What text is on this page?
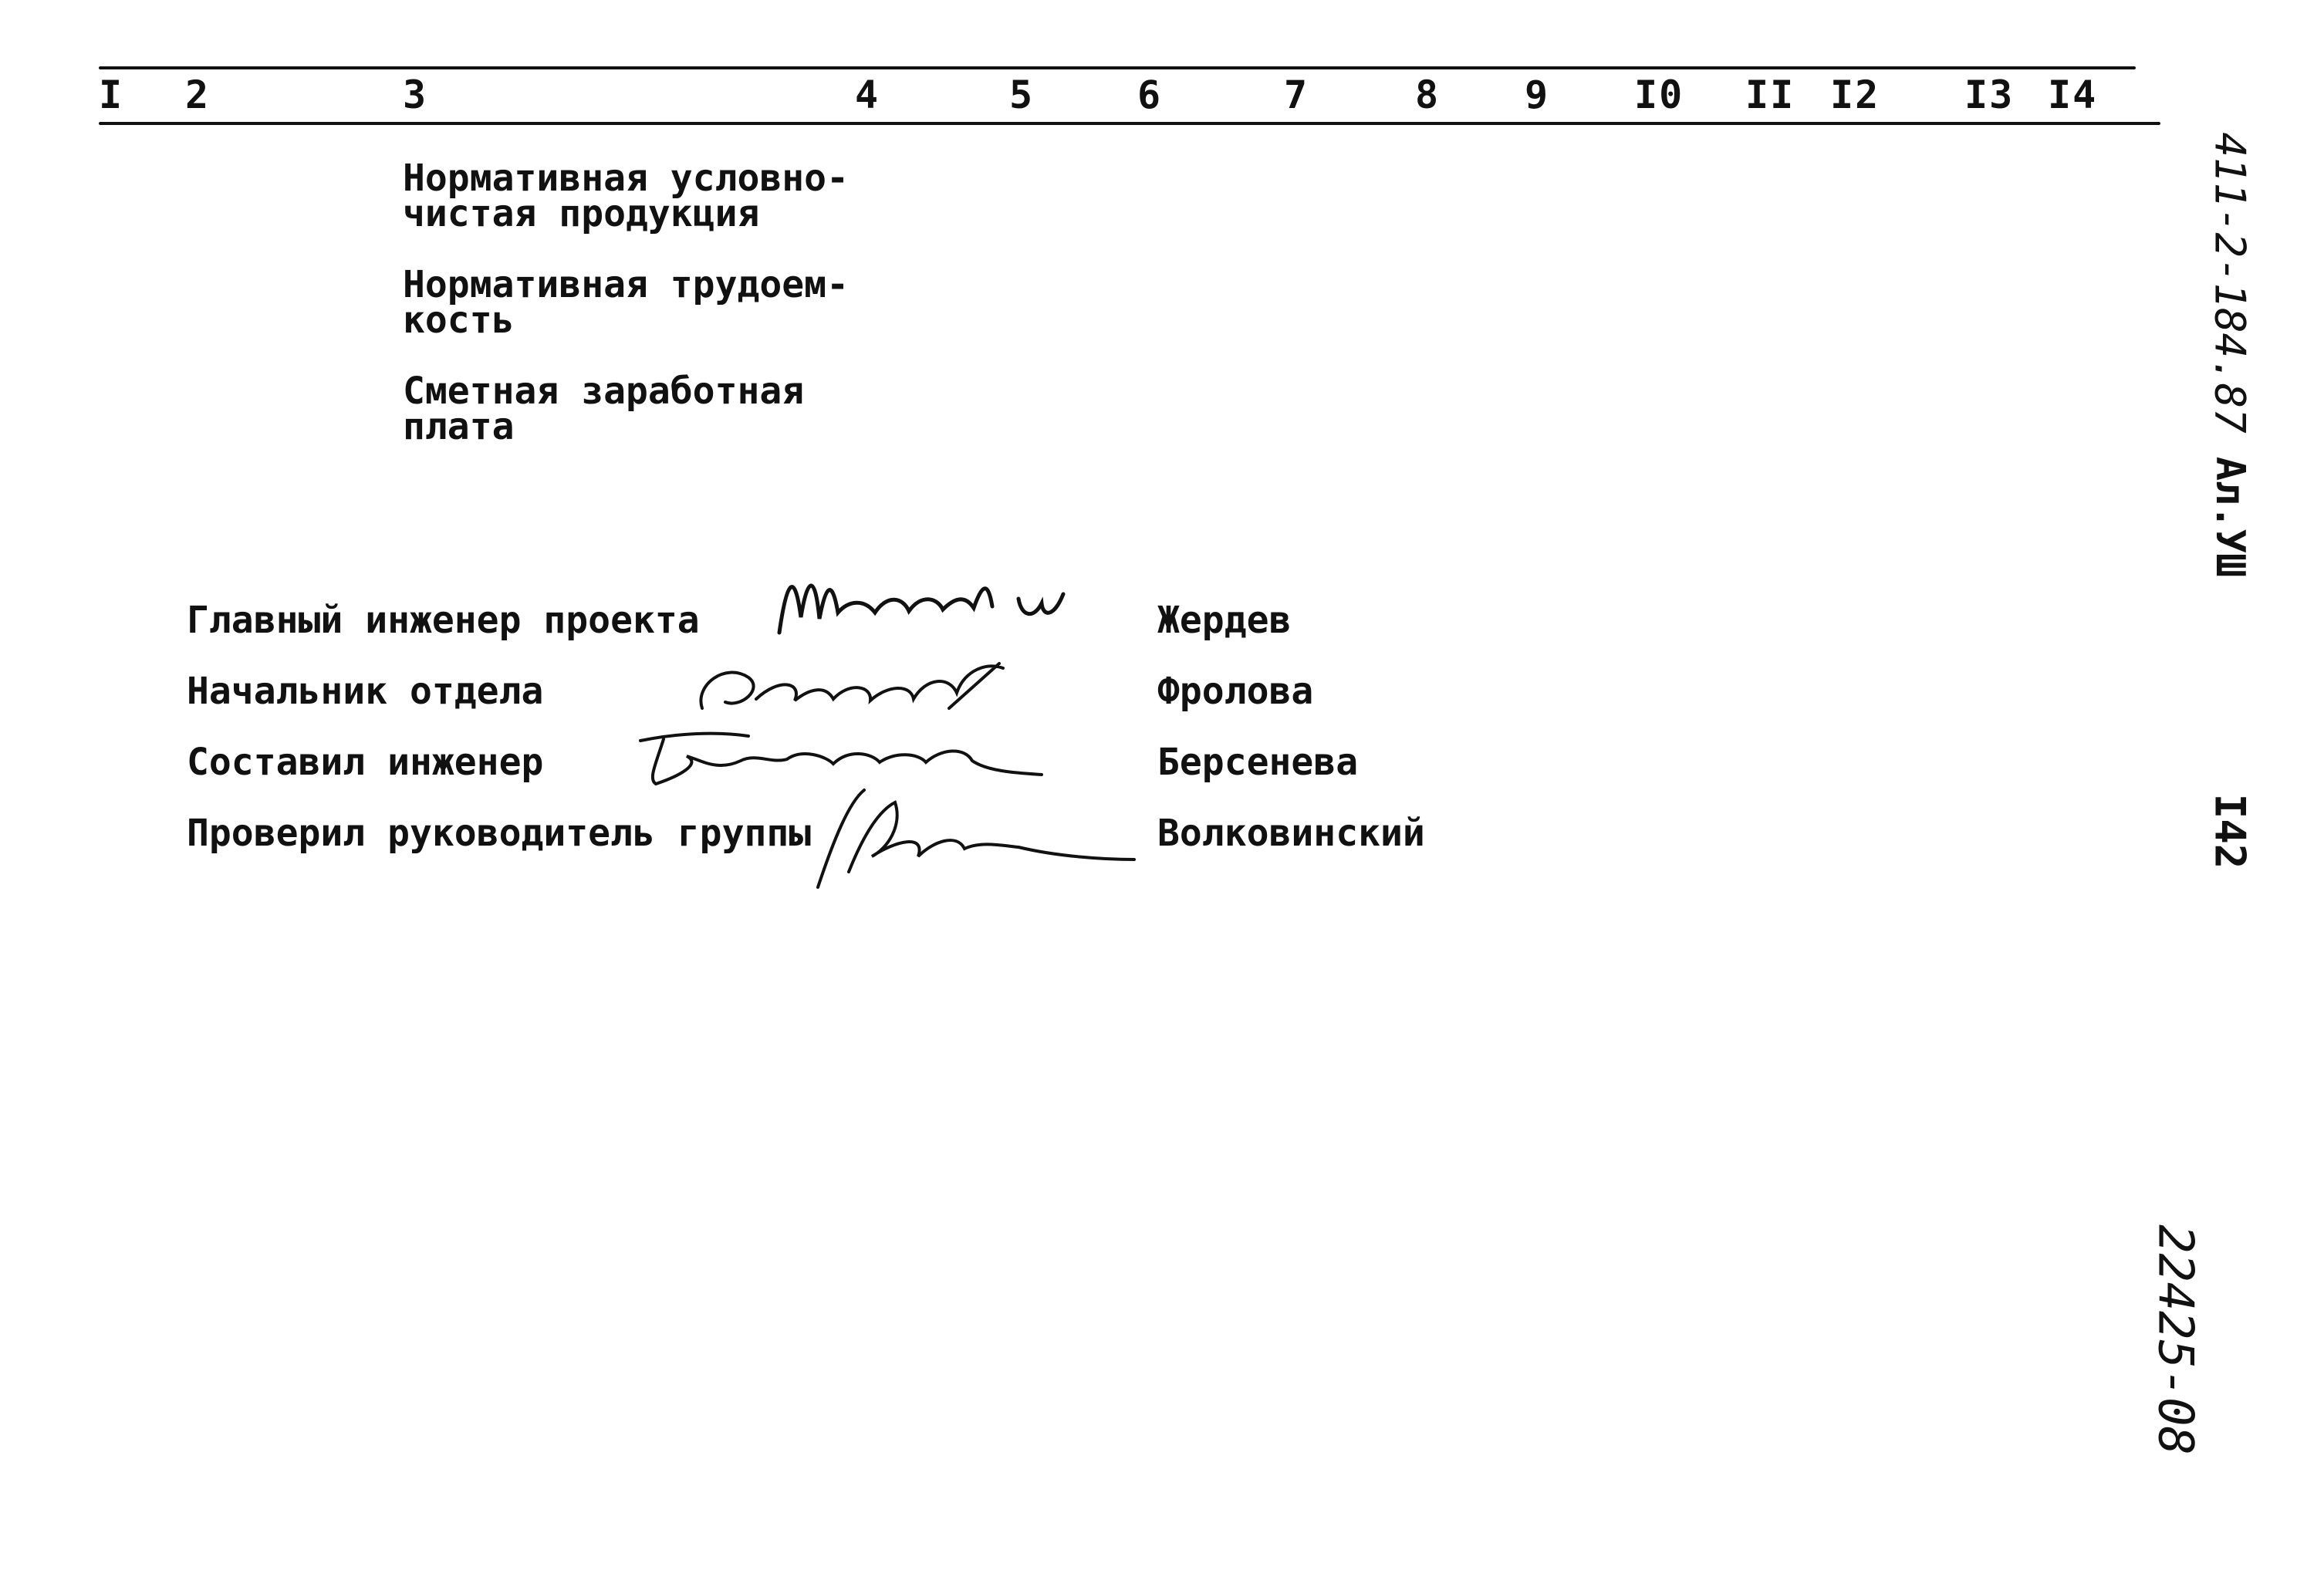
I 2	3	4	5	6	7	8 9 I0 II I2 I3 I4
Нормативная условно-
чистая продукция
Нормативная трудоем-
кость
Сметная заработная
плата
Главный инженер проекта	Жердев
Начальник отдела	Фролова
Составил инженер	Берсенева
Проверил руководитель группы	Волковинский
411-2-184.87
Ал.УШ
I42
22425-08
